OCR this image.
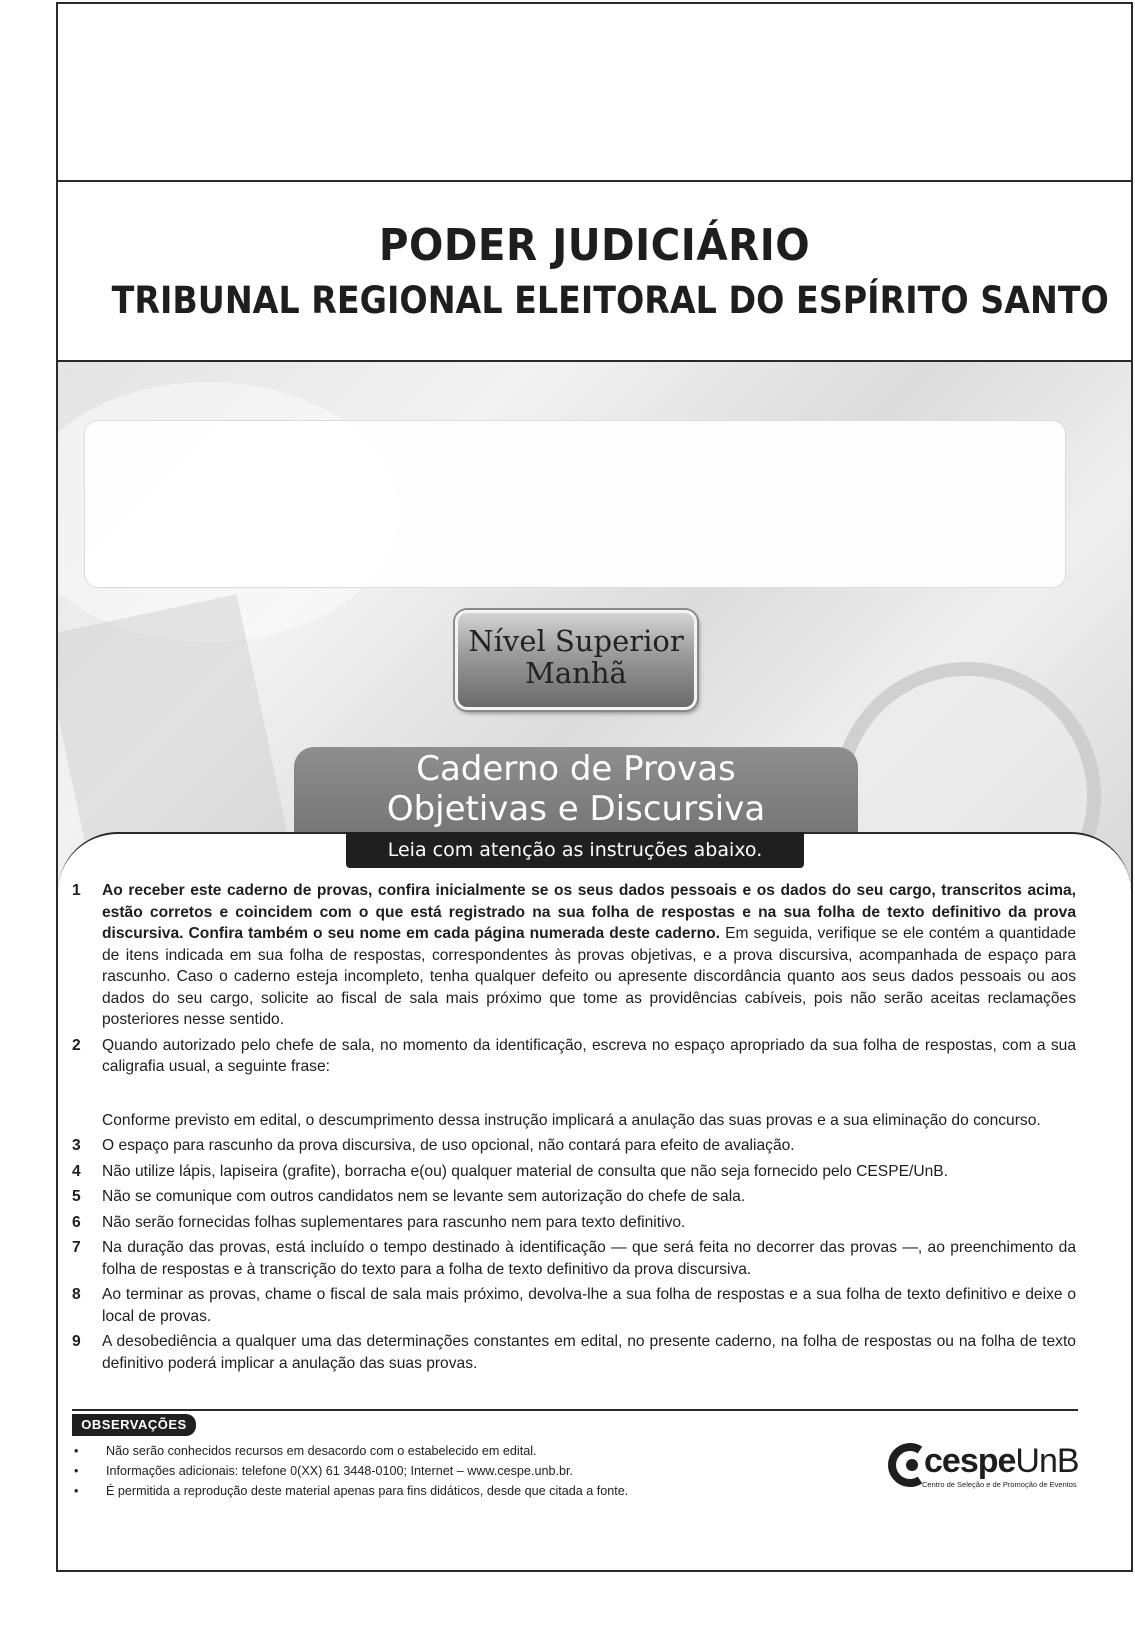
PODER JUDICIÁRIO
TRIBUNAL REGIONAL ELEITORAL DO ESPÍRITO SANTO
Nível Superior
Manhã
Caderno de Provas
Objetivas e Discursiva
Leia com atenção as instruções abaixo.
1 Ao receber este caderno de provas, confira inicialmente se os seus dados pessoais e os dados do seu cargo, transcritos acima, estão corretos e coincidem com o que está registrado na sua folha de respostas e na sua folha de texto definitivo da prova discursiva. Confira também o seu nome em cada página numerada deste caderno. Em seguida, verifique se ele contém a quantidade de itens indicada em sua folha de respostas, correspondentes às provas objetivas, e a prova discursiva, acompanhada de espaço para rascunho. Caso o caderno esteja incompleto, tenha qualquer defeito ou apresente discordância quanto aos seus dados pessoais ou aos dados do seu cargo, solicite ao fiscal de sala mais próximo que tome as providências cabíveis, pois não serão aceitas reclamações posteriores nesse sentido.
2 Quando autorizado pelo chefe de sala, no momento da identificação, escreva no espaço apropriado da sua folha de respostas, com a sua caligrafia usual, a seguinte frase:
Conforme previsto em edital, o descumprimento dessa instrução implicará a anulação das suas provas e a sua eliminação do concurso.
3 O espaço para rascunho da prova discursiva, de uso opcional, não contará para efeito de avaliação.
4 Não utilize lápis, lapiseira (grafite), borracha e(ou) qualquer material de consulta que não seja fornecido pelo CESPE/UnB.
5 Não se comunique com outros candidatos nem se levante sem autorização do chefe de sala.
6 Não serão fornecidas folhas suplementares para rascunho nem para texto definitivo.
7 Na duração das provas, está incluído o tempo destinado à identificação — que será feita no decorrer das provas —, ao preenchimento da folha de respostas e à transcrição do texto para a folha de texto definitivo da prova discursiva.
8 Ao terminar as provas, chame o fiscal de sala mais próximo, devolva-lhe a sua folha de respostas e a sua folha de texto definitivo e deixe o local de provas.
9 A desobediência a qualquer uma das determinações constantes em edital, no presente caderno, na folha de respostas ou na folha de texto definitivo poderá implicar a anulação das suas provas.
OBSERVAÇÕES
• Não serão conhecidos recursos em desacordo com o estabelecido em edital.
• Informações adicionais: telefone 0(XX) 61 3448-0100; Internet – www.cespe.unb.br.
• É permitida a reprodução deste material apenas para fins didáticos, desde que citada a fonte.
cespeUnB
Centro de Seleção e de Promoção de Eventos
